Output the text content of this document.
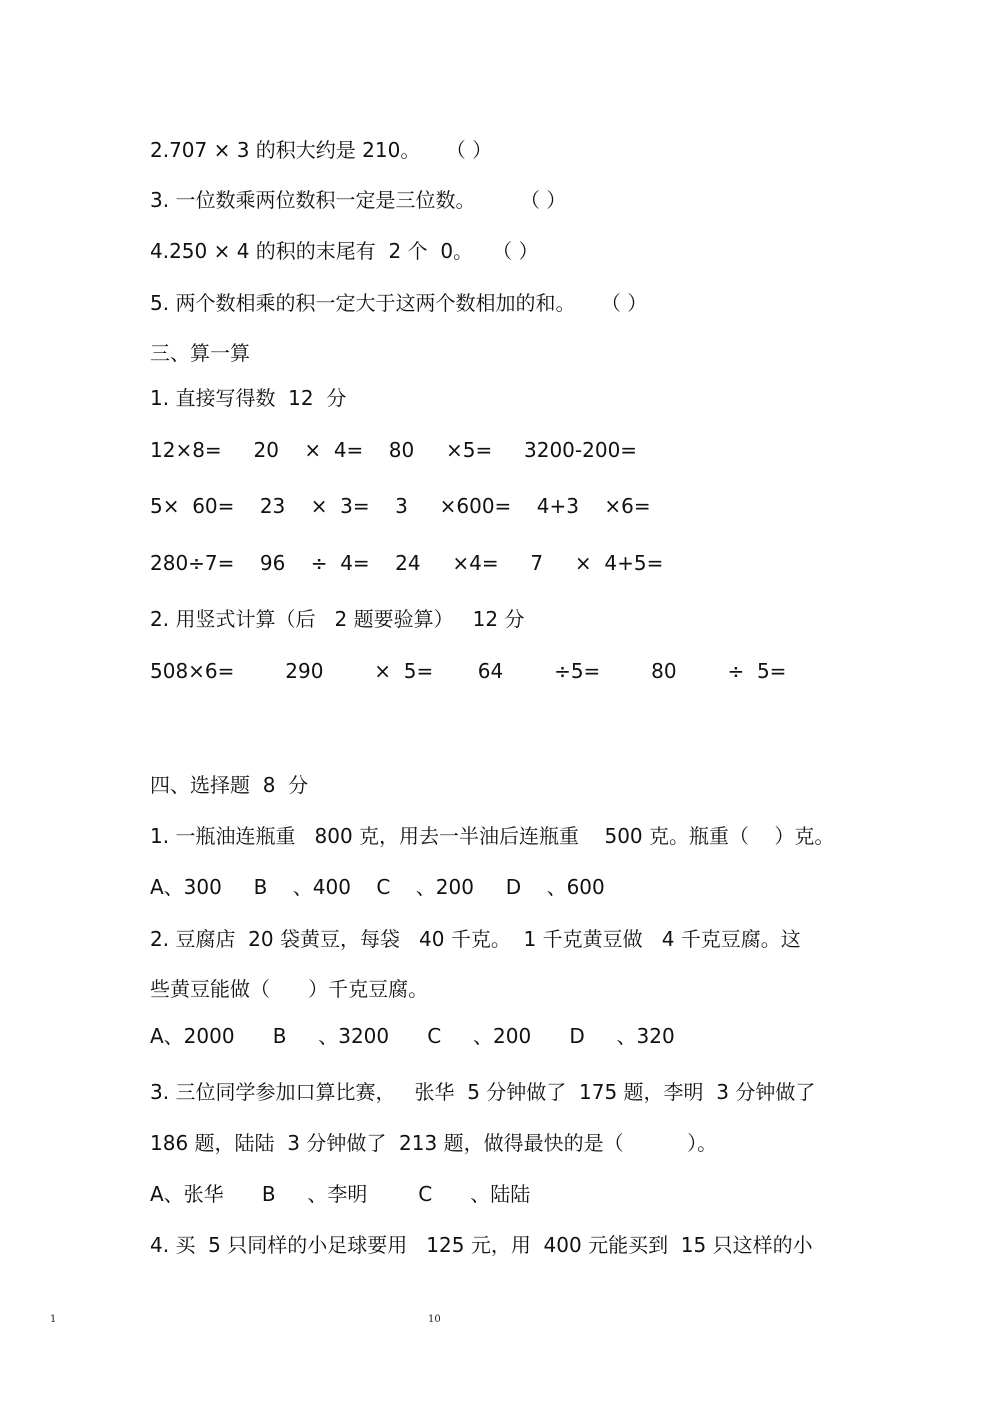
2.707 × 3 的积大约是 210。    （ ）
3. 一位数乘两位数积一定是三位数。       （ ）
4.250 × 4 的积的末尾有  2 个  0。   （ ）
5. 两个数相乘的积一定大于这两个数相加的和。    （ ）
三、算一算
1. 直接写得数  12  分
12×8=     20    ×  4=    80     ×5=     3200-200=
5×  60=    23    ×  3=    3     ×600=    4+3    ×6=
280÷7=    96    ÷  4=    24     ×4=     7     ×  4+5=
2. 用竖式计算（后   2 题要验算）   12 分
508×6=        290        ×  5=       64        ÷5=        80        ÷  5=
四、选择题  8  分
1. 一瓶油连瓶重   800 克，用去一半油后连瓶重    500 克。瓶重（    ）克。
A、300     B    、400    C    、200     D    、600
2. 豆腐店  20 袋黄豆，每袋   40 千克。  1 千克黄豆做   4 千克豆腐。这
些黄豆能做（      ）千克豆腐。
A、2000      B     、3200      C     、200      D     、320
3. 三位同学参加口算比赛，   张华  5 分钟做了  175 题，李明  3 分钟做了
186 题，陆陆  3 分钟做了  213 题，做得最快的是（          ）。
A、张华      B     、李明        C      、陆陆
4. 买  5 只同样的小足球要用   125 元，用  400 元能买到  15 只这样的小
1	10
